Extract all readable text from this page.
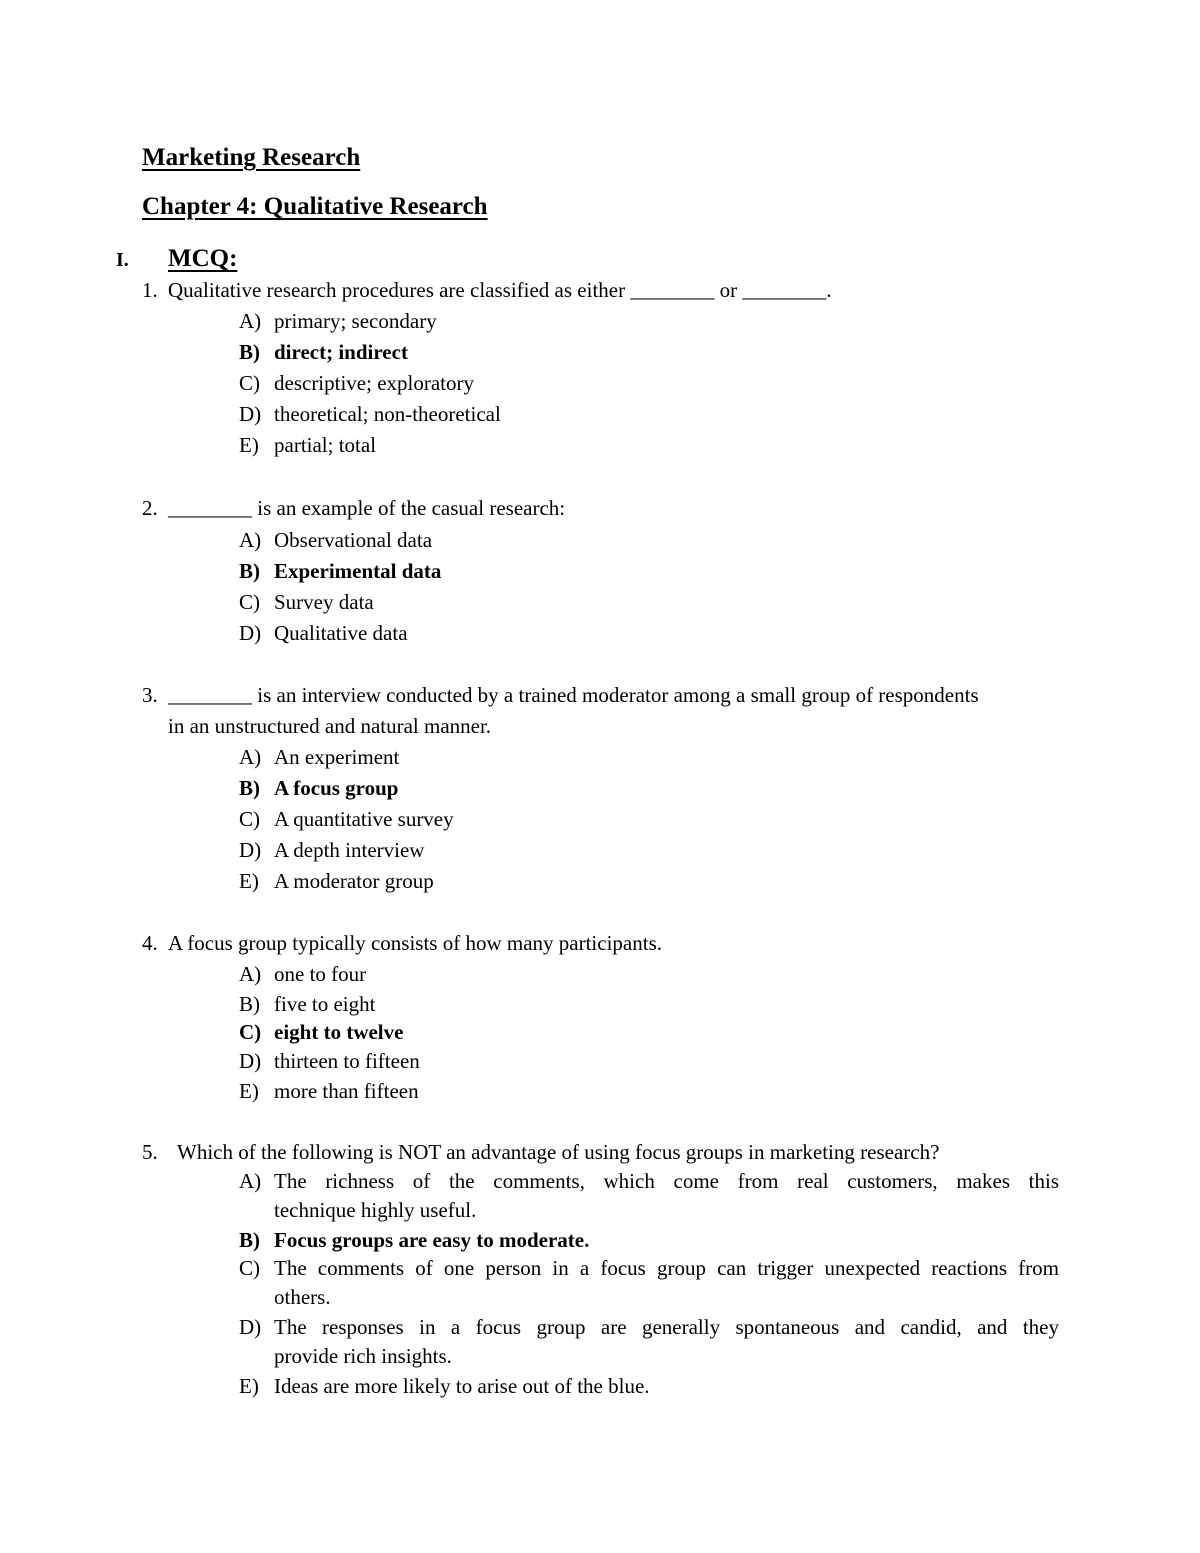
Marketing Research
Chapter 4: Qualitative Research
I. MCQ:
1. Qualitative research procedures are classified as either ________ or ________.
A) primary; secondary
B) direct; indirect
C) descriptive; exploratory
D) theoretical; non-theoretical
E) partial; total
2. ________ is an example of the casual research:
A) Observational data
B) Experimental data
C) Survey data
D) Qualitative data
3. ________ is an interview conducted by a trained moderator among a small group of respondents
in an unstructured and natural manner.
A) An experiment
B) A focus group
C) A quantitative survey
D) A depth interview
E) A moderator group
4. A focus group typically consists of how many participants.
A) one to four
B) five to eight
C) eight to twelve
D) thirteen to fifteen
E) more than fifteen
5. Which of the following is NOT an advantage of using focus groups in marketing research?
A) The richness of the comments, which come from real customers, makes this
technique highly useful.
B) Focus groups are easy to moderate.
C) The comments of one person in a focus group can trigger unexpected reactions from
others.
D) The responses in a focus group are generally spontaneous and candid, and they
provide rich insights.
E) Ideas are more likely to arise out of the blue.
